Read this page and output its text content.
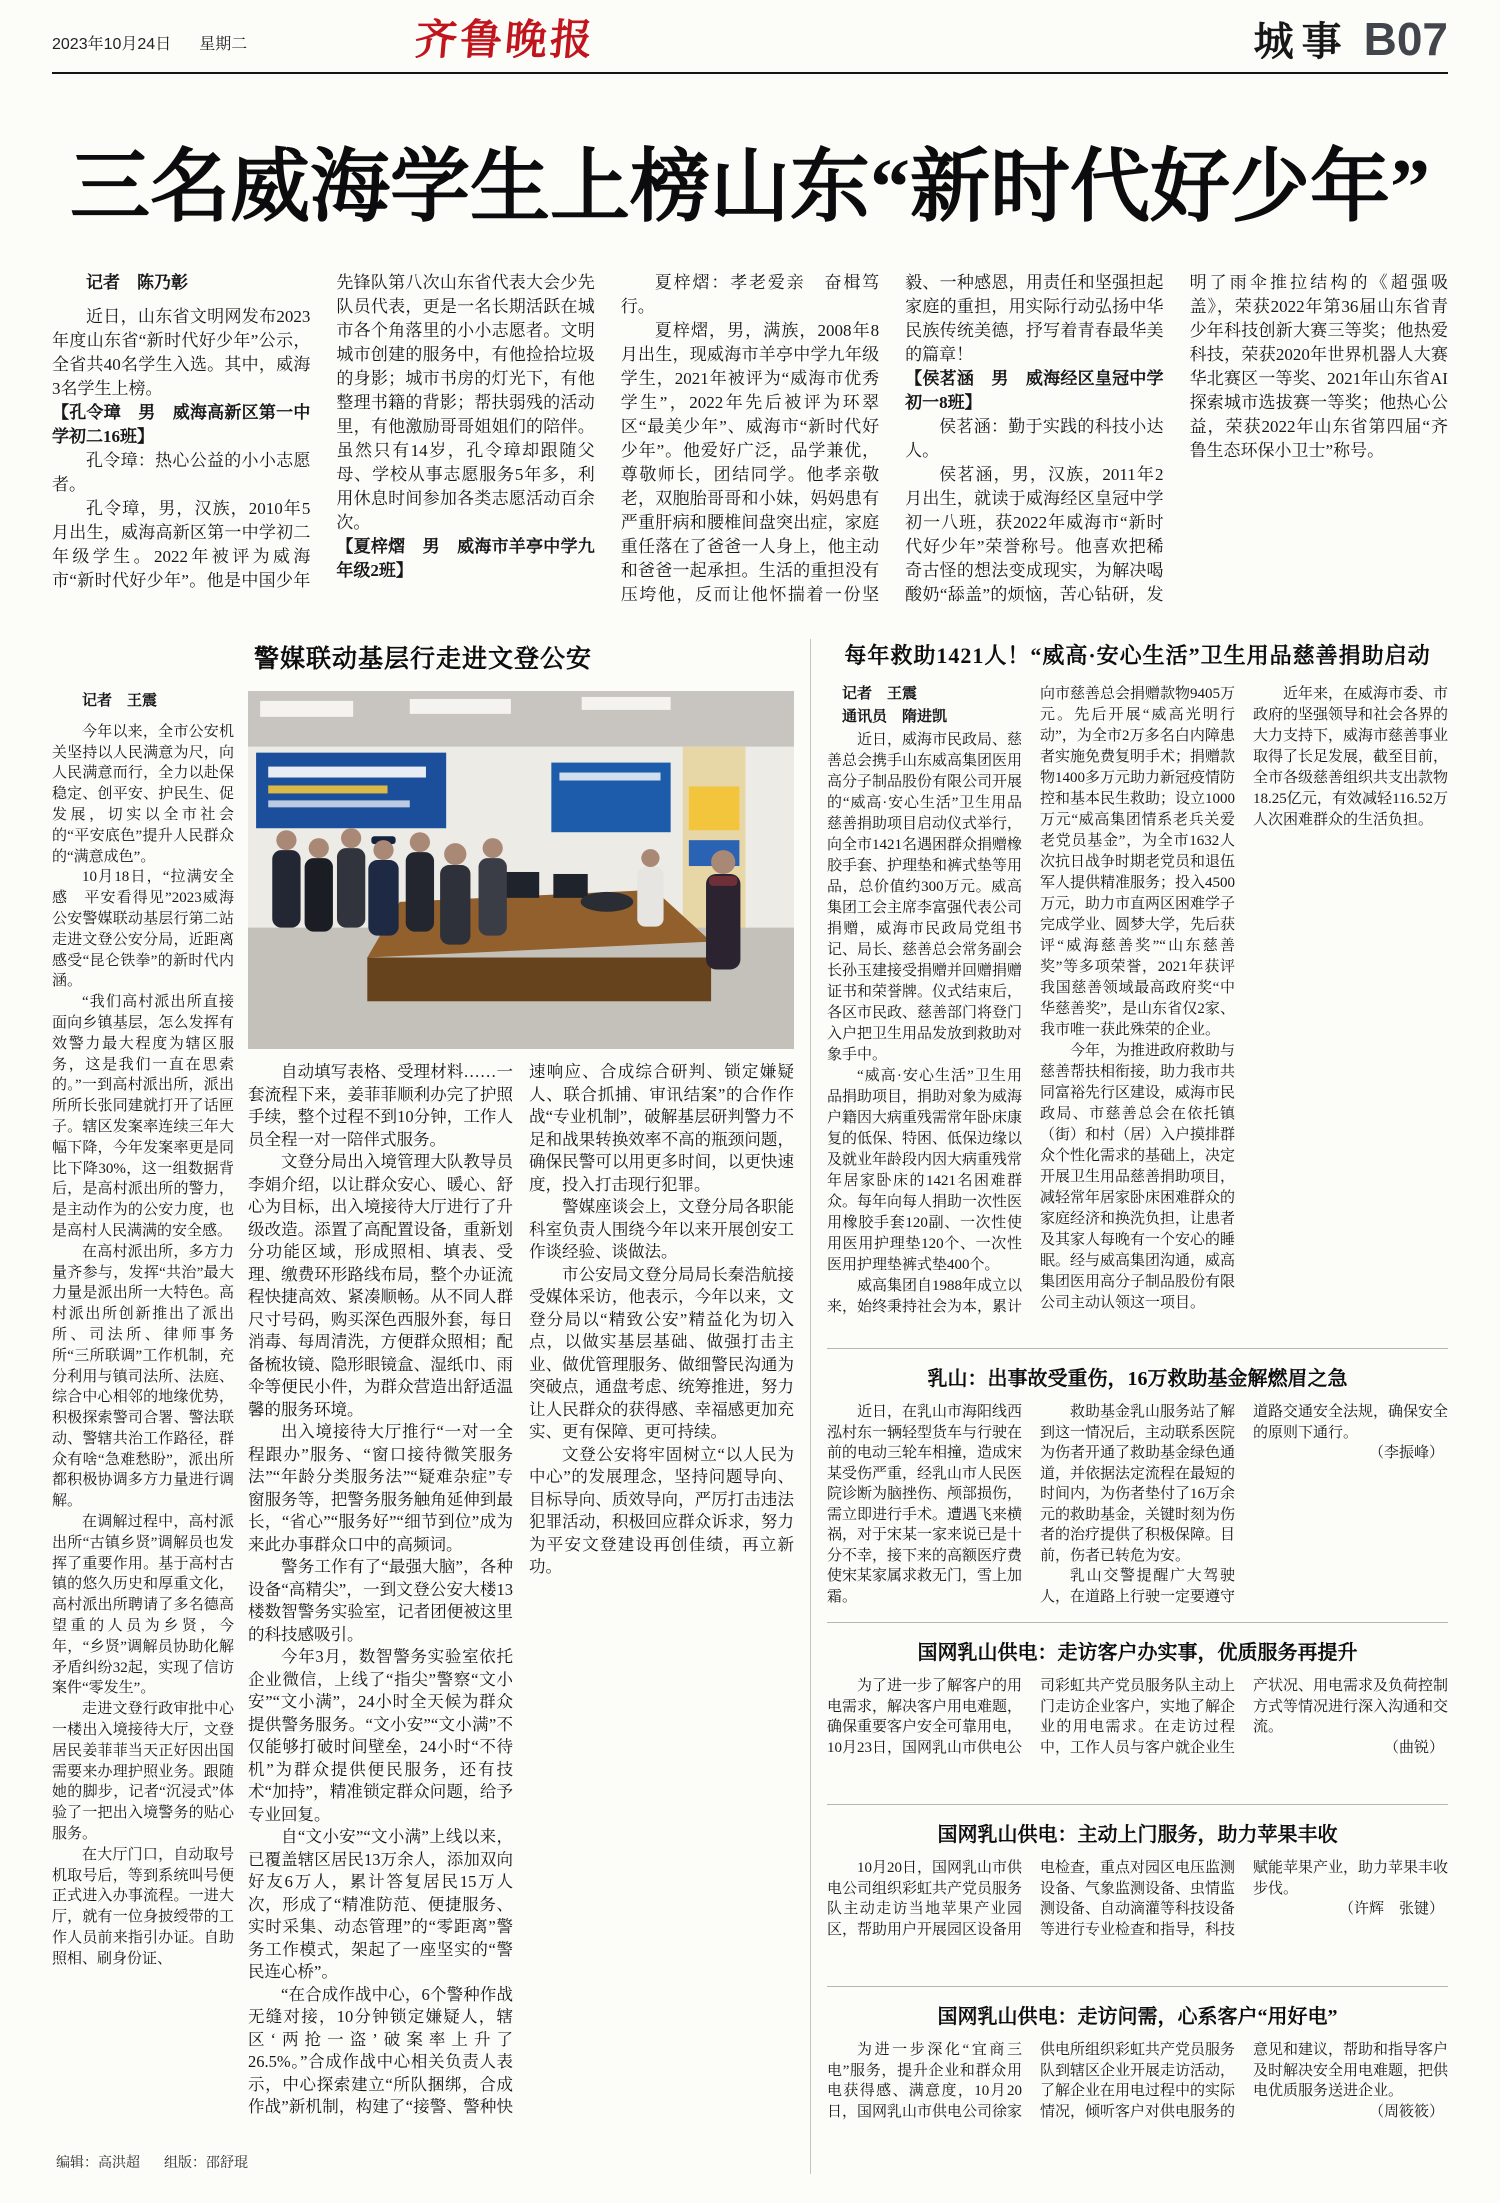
2023年10月24日 星期二	齐鲁晚报	城事 B07
三名威海学生上榜山东“新时代好少年”

记者　陈乃彰

近日，山东省文明网发布2023年度山东省“新时代好少年”公示，全省共40名学生入选。其中，威海3名学生上榜。

【孔令璋　男　威海高新区第一中学初二16班】

孔令璋：热心公益的小小志愿者。

孔令璋，男，汉族，2010年5月出生，威海高新区第一中学初二年级学生。2022年被评为威海市“新时代好少年”。他是中国少年先锋队第八次山东省代表大会少先队员代表，更是一名长期活跃在城市各个角落里的小小志愿者。文明城市创建的服务中，有他捡拾垃圾的身影；城市书房的灯光下，有他整理书籍的背影；帮扶弱残的活动里，有他激励哥哥姐姐们的陪伴。虽然只有14岁，孔令璋却跟随父母、学校从事志愿服务5年多，利用休息时间参加各类志愿活动百余次。

【夏梓熠　男　威海市羊亭中学九年级2班】

夏梓熠：孝老爱亲　奋楫笃行。

夏梓熠，男，满族，2008年8月出生，现威海市羊亭中学九年级学生，2021年被评为“威海市优秀学生”，2022年先后被评为环翠区“最美少年”、威海市“新时代好少年”。他爱好广泛，品学兼优，尊敬师长，团结同学。他孝亲敬老，双胞胎哥哥和小妹，妈妈患有严重肝病和腰椎间盘突出症，家庭重任落在了爸爸一人身上，他主动和爸爸一起承担。生活的重担没有压垮他，反而让他怀揣着一份坚毅、一种感恩，用责任和坚强担起家庭的重担，用实际行动弘扬中华民族传统美德，抒写着青春最华美的篇章！

【侯茗涵　男　威海经区皇冠中学初一8班】

侯茗涵：勤于实践的科技小达人。

侯茗涵，男，汉族，2011年2月出生，就读于威海经区皇冠中学初一八班，获2022年威海市“新时代好少年”荣誉称号。他喜欢把稀奇古怪的想法变成现实，为解决喝酸奶“舔盖”的烦恼，苦心钻研，发明了雨伞推拉结构的《超强吸盖》，荣获2022年第36届山东省青少年科技创新大赛三等奖；他热爱科技，荣获2020年世界机器人大赛华北赛区一等奖、2021年山东省AI探索城市选拔赛一等奖；他热心公益，荣获2022年山东省第四届“齐鲁生态环保小卫士”称号。

警媒联动基层行走进文登公安

记者　王震

今年以来，全市公安机关坚持以人民满意为尺，向人民满意而行，全力以赴保稳定、创平安、护民生、促发展，切实以全市社会的“平安底色”提升人民群众的“满意成色”。

10月18日，“拉满安全感　平安看得见”2023威海公安警媒联动基层行第二站走进文登公安分局，近距离感受“昆仑铁拳”的新时代内涵。

“我们高村派出所直接面向乡镇基层，怎么发挥有效警力最大程度为辖区服务，这是我们一直在思索的。”一到高村派出所，派出所所长张同建就打开了话匣子。辖区发案率连续三年大幅下降，今年发案率更是同比下降30%，这一组数据背后，是高村派出所的警力，是主动作为的公安力度，也是高村人民满满的安全感。

在高村派出所，多方力量齐参与，发挥“共治”最大力量是派出所一大特色。高村派出所创新推出了派出所、司法所、律师事务所“三所联调”工作机制，充分利用与镇司法所、法庭、综合中心相邻的地缘优势，积极探索警司合署、警法联动、警辖共治工作路径，群众有啥“急难愁盼”，派出所都积极协调多方力量进行调解。

在调解过程中，高村派出所“古镇乡贤”调解员也发挥了重要作用。基于高村古镇的悠久历史和厚重文化，高村派出所聘请了多名德高望重的人员为乡贤，今年，“乡贤”调解员协助化解矛盾纠纷32起，实现了信访案件“零发生”。

走进文登行政审批中心一楼出入境接待大厅，文登居民姜菲菲当天正好因出国需要来办理护照业务。跟随她的脚步，记者“沉浸式”体验了一把出入境警务的贴心服务。

在大厅门口，自动取号机取号后，等到系统叫号便正式进入办事流程。一进大厅，就有一位身披绶带的工作人员前来指引办证。自助照相、刷身份证、

自动填写表格、受理材料……一套流程下来，姜菲菲顺利办完了护照手续，整个过程不到10分钟，工作人员全程一对一陪伴式服务。

文登分局出入境管理大队教导员李娟介绍，以让群众安心、暖心、舒心为目标，出入境接待大厅进行了升级改造。添置了高配置设备，重新划分功能区域，形成照相、填表、受理、缴费环形路线布局，整个办证流程快捷高效、紧凑顺畅。从不同人群尺寸号码，购买深色西服外套，每日消毒、每周清洗，方便群众照相；配备梳妆镜、隐形眼镜盒、湿纸巾、雨伞等便民小件，为群众营造出舒适温馨的服务环境。

出入境接待大厅推行“一对一全程跟办”服务、“窗口接待微笑服务法”“年龄分类服务法”“疑难杂症”专窗服务等，把警务服务触角延伸到最长，“省心”“服务好”“细节到位”成为来此办事群众口中的高频词。

警务工作有了“最强大脑”，各种设备“高精尖”，一到文登公安大楼13楼数智警务实验室，记者团便被这里的科技感吸引。

今年3月，数智警务实验室依托企业微信，上线了“指尖”警察“文小安”“文小满”，24小时全天候为群众提供警务服务。“文小安”“文小满”不仅能够打破时间壁垒，24小时“不待机”为群众提供便民服务，还有技术“加持”，精准锁定群众问题，给予专业回复。

自“文小安”“文小满”上线以来，已覆盖辖区居民13万余人，添加双向好友6万人，累计答复居民15万人次，形成了“精准防范、便捷服务、实时采集、动态管理”的“零距离”警务工作模式，架起了一座坚实的“警民连心桥”。

“在合成作战中心，6个警种作战无缝对接，10分钟锁定嫌疑人，辖区‘两抢一盗’破案率上升了26.5%。”合成作战中心相关负责人表示，中心探索建立“所队捆绑，合成作战”新机制，构建了“接警、警种快速响应、合成综合研判、锁定嫌疑人、联合抓捕、审讯结案”的合作作战“专业机制”，破解基层研判警力不足和战果转换效率不高的瓶颈问题，确保民警可以用更多时间，以更快速度，投入打击现行犯罪。

警媒座谈会上，文登分局各职能科室负责人围绕今年以来开展创安工作谈经验、谈做法。

市公安局文登分局局长秦浩航接受媒体采访，他表示，今年以来，文登分局以“精致公安”精益化为切入点，以做实基层基础、做强打击主业、做优管理服务、做细警民沟通为突破点，通盘考虑、统筹推进，努力让人民群众的获得感、幸福感更加充实、更有保障、更可持续。

文登公安将牢固树立“以人民为中心”的发展理念，坚持问题导向、目标导向、质效导向，严厉打击违法犯罪活动，积极回应群众诉求，努力为平安文登建设再创佳绩，再立新功。

每年救助1421人！“威高·安心生活”卫生用品慈善捐助启动

记者　王震

通讯员　隋进凯

近日，威海市民政局、慈善总会携手山东威高集团医用高分子制品股份有限公司开展的“威高·安心生活”卫生用品慈善捐助项目启动仪式举行，向全市1421名遇困群众捐赠橡胶手套、护理垫和裤式垫等用品，总价值约300万元。威高集团工会主席李富强代表公司捐赠，威海市民政局党组书记、局长、慈善总会常务副会长孙玉建接受捐赠并回赠捐赠证书和荣誉牌。仪式结束后，各区市民政、慈善部门将登门入户把卫生用品发放到救助对象手中。

“威高·安心生活”卫生用品捐助项目，捐助对象为威海户籍因大病重残需常年卧床康复的低保、特困、低保边缘以及就业年龄段内因大病重残常年居家卧床的1421名困难群众。每年向每人捐助一次性医用橡胶手套120副、一次性使用医用护理垫120个、一次性医用护理垫裤式垫400个。

威高集团自1988年成立以来，始终秉持社会为本，累计向市慈善总会捐赠款物9405万元。先后开展“威高光明行动”，为全市2万多名白内障患者实施免费复明手术；捐赠款物1400多万元助力新冠疫情防控和基本民生救助；设立1000万元“威高集团情系老兵关爱老党员基金”，为全市1632人次抗日战争时期老党员和退伍军人提供精准服务；投入4500万元，助力市直两区困难学子完成学业、圆梦大学，先后获评“威海慈善奖”“山东慈善奖”等多项荣誉，2021年获评我国慈善领域最高政府奖“中华慈善奖”，是山东省仅2家、我市唯一获此殊荣的企业。

今年，为推进政府救助与慈善帮扶相衔接，助力我市共同富裕先行区建设，威海市民政局、市慈善总会在依托镇（街）和村（居）入户摸排群众个性化需求的基础上，决定开展卫生用品慈善捐助项目，减轻常年居家卧床困难群众的家庭经济和换洗负担，让患者及其家人每晚有一个安心的睡眠。经与威高集团沟通，威高集团医用高分子制品股份有限公司主动认领这一项目。

近年来，在威海市委、市政府的坚强领导和社会各界的大力支持下，威海市慈善事业取得了长足发展，截至目前，全市各级慈善组织共支出款物18.25亿元，有效减轻116.52万人次困难群众的生活负担。

乳山：出事故受重伤，16万救助基金解燃眉之急

近日，在乳山市海阳线西泓村东一辆轻型货车与行驶在前的电动三轮车相撞，造成宋某受伤严重，经乳山市人民医院诊断为脑挫伤、颅部损伤，需立即进行手术。遭遇飞来横祸，对于宋某一家来说已是十分不幸，接下来的高额医疗费使宋某家属求救无门，雪上加霜。

救助基金乳山服务站了解到这一情况后，主动联系医院为伤者开通了救助基金绿色通道，并依据法定流程在最短的时间内，为伤者垫付了16万余元的救助基金，关键时刻为伤者的治疗提供了积极保障。目前，伤者已转危为安。

乳山交警提醒广大驾驶人，在道路上行驶一定要遵守道路交通安全法规，确保安全的原则下通行。

（李振峰）

国网乳山供电：走访客户办实事，优质服务再提升

为了进一步了解客户的用电需求，解决客户用电难题，确保重要客户安全可靠用电，10月23日，国网乳山市供电公司彩虹共产党员服务队主动上门走访企业客户，实地了解企业的用电需求。在走访过程中，工作人员与客户就企业生产状况、用电需求及负荷控制方式等情况进行深入沟通和交流。

（曲锐）

国网乳山供电：主动上门服务，助力苹果丰收

10月20日，国网乳山市供电公司组织彩虹共产党员服务队主动走访当地苹果产业园区，帮助用户开展园区设备用电检查，重点对园区电压监测设备、气象监测设备、虫情监测设备、自动滴灌等科技设备等进行专业检查和指导，科技赋能苹果产业，助力苹果丰收步伐。

（许辉　张键）

国网乳山供电：走访问需，心系客户“用好电”

为进一步深化“宜商三电”服务，提升企业和群众用电获得感、满意度，10月20日，国网乳山市供电公司徐家供电所组织彩虹共产党员服务队到辖区企业开展走访活动，了解企业在用电过程中的实际情况，倾听客户对供电服务的意见和建议，帮助和指导客户及时解决安全用电难题，把供电优质服务送进企业。

（周筱筱）

编辑：高洪超 组版：邵舒琨
